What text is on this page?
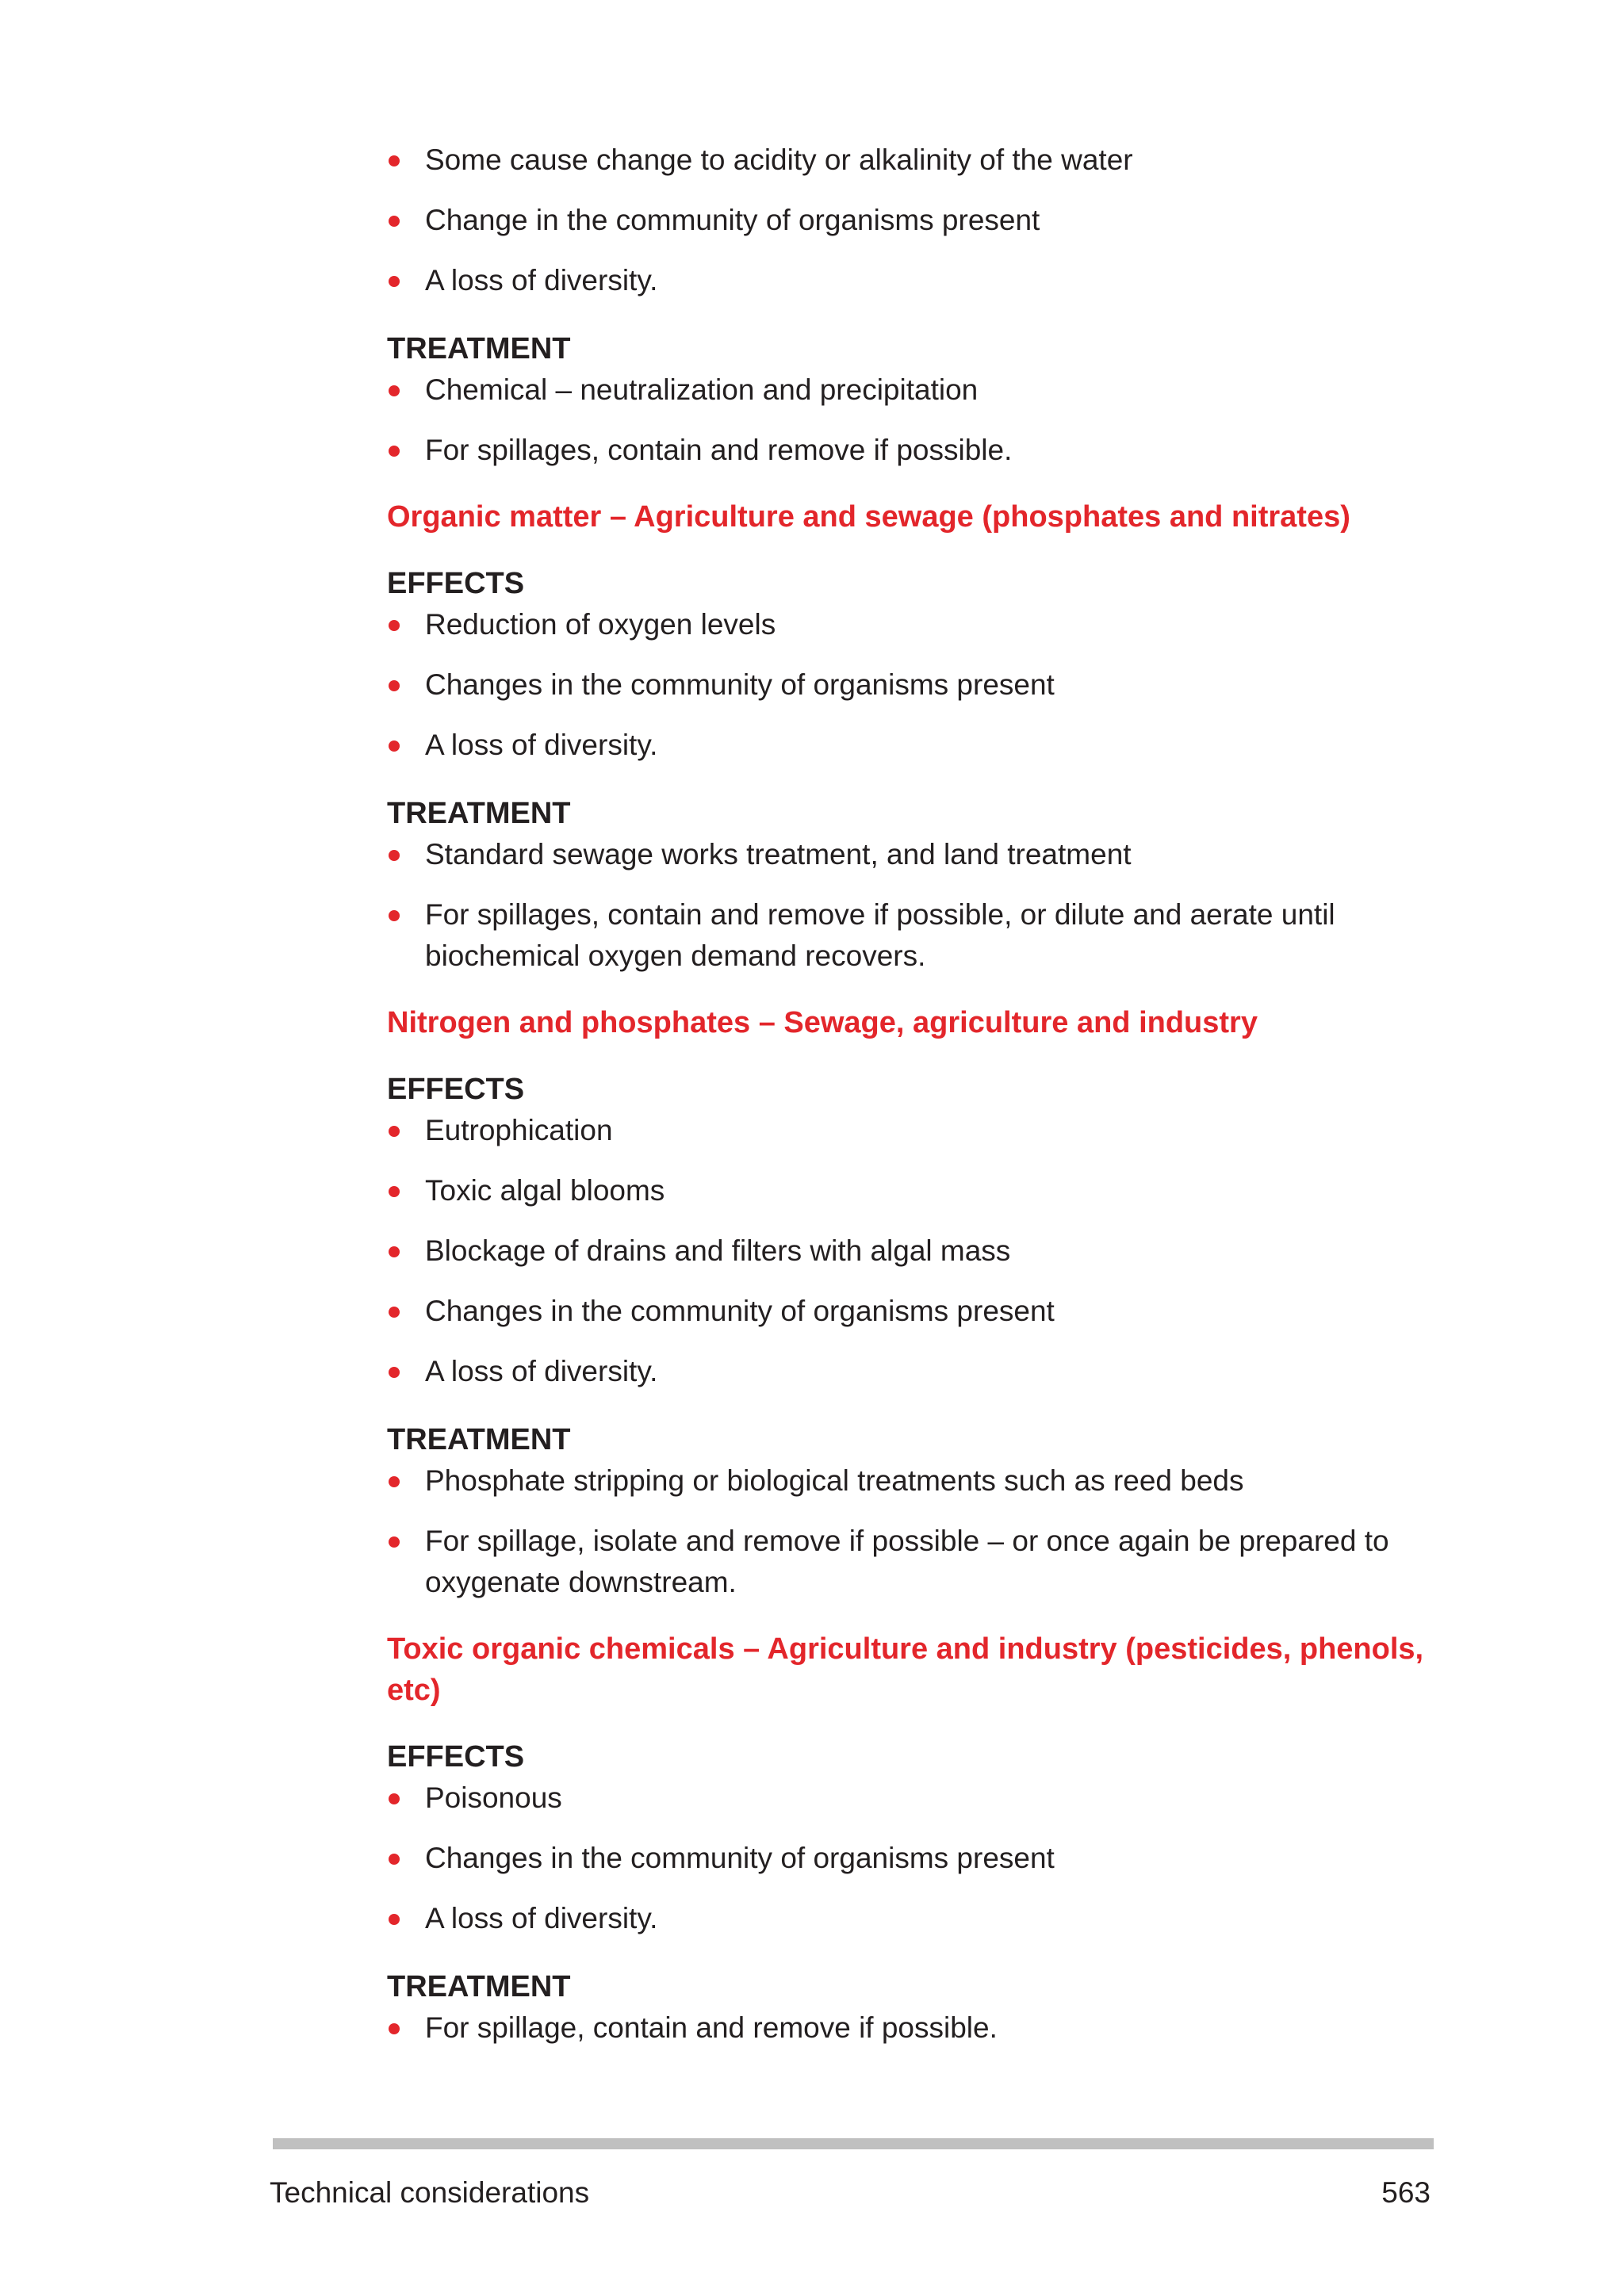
Some cause change to acidity or alkalinity of the water
Change in the community of organisms present
A loss of diversity.
TREATMENT
Chemical – neutralization and precipitation
For spillages, contain and remove if possible.
Organic matter – Agriculture and sewage (phosphates and nitrates)
EFFECTS
Reduction of oxygen levels
Changes in the community of organisms present
A loss of diversity.
TREATMENT
Standard sewage works treatment, and land treatment
For spillages, contain and remove if possible, or dilute and aerate until biochemical oxygen demand recovers.
Nitrogen and phosphates – Sewage, agriculture and industry
EFFECTS
Eutrophication
Toxic algal blooms
Blockage of drains and filters with algal mass
Changes in the community of organisms present
A loss of diversity.
TREATMENT
Phosphate stripping or biological treatments such as reed beds
For spillage, isolate and remove if possible – or once again be prepared to oxygenate downstream.
Toxic organic chemicals – Agriculture and industry (pesticides, phenols, etc)
EFFECTS
Poisonous
Changes in the community of organisms present
A loss of diversity.
TREATMENT
For spillage, contain and remove if possible.
Technical considerations	563
